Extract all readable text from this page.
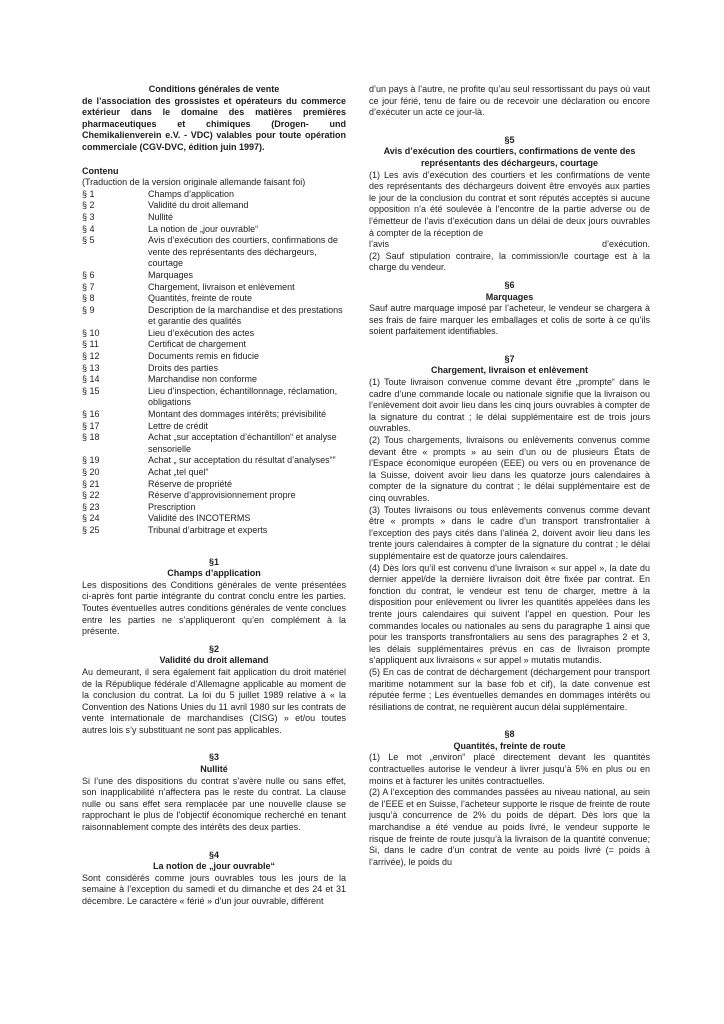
Conditions générales de vente
de l’association des grossistes et opérateurs du commerce extérieur dans le domaine des matières premières pharmaceutiques et chimiques (Drogen- und Chemikalienverein e.V. - VDC) valables pour toute opération commerciale (CGV-DVC, édition juin 1997).
Contenu
(Traduction de la version originale allemande faisant foi)
§ 1	Champs d’application
§ 2	Validité du droit allemand
§ 3	Nullité
§ 4	La notion de „jour ouvrable“
§ 5	Avis d’exécution des courtiers, confirmations de vente des représentants des déchargeurs, courtage
§ 6	Marquages
§ 7	Chargement, livraison et enlèvement
§ 8	Quantités, freinte de route
§ 9	Description de la marchandise et des prestations et garantie des qualités
§ 10	Lieu d’exécution des actes
§ 11	Certificat de chargement
§ 12	Documents remis en fiducie
§ 13	Droits des parties
§ 14	Marchandise non conforme
§ 15	Lieu d’inspection, échantillonnage, réclamation, obligations
§ 16	Montant des dommages intérêts; prévisibilité
§ 17	Lettre de crédit
§ 18	Achat „sur acceptation d’échantillon“ et analyse sensorielle
§ 19	Achat „ sur acceptation du résultat d’analyses“”
§ 20	Achat „tel quel“
§ 21	Réserve de propriété
§ 22	Réserve d’approvisionnement propre
§ 23	Prescription
§ 24	Validité des INCOTERMS
§ 25	Tribunal d’arbitrage et experts
§1
Champs d’application

Les dispositions des Conditions générales de vente présentées ci-après font partie intégrante du contrat conclu entre les parties. Toutes éventuelles autres conditions générales de vente conclues entre les parties ne s’appliqueront qu’en complément à la présente.

§2
Validité du droit allemand

Au demeurant, il sera également fait application du droit matériel de la République fédérale d’Allemagne applicable au moment de la conclusion du contrat. La loi du 5 juillet 1989 relative à « la Convention des Nations Unies du 11 avril 1980 sur les contrats de vente internationale de marchandises (CISG) » et/ou toutes autres lois s’y substituant ne sont pas applicables.

§3
Nullité

Si l’une des dispositions du contrat s’avère nulle ou sans effet, son inapplicabilité n’affectera pas le reste du contrat. La clause nulle ou sans effet sera remplacée par une nouvelle clause se rapprochant le plus de l’objectif économique recherché en tenant raisonnablement compte des intérêts des deux parties.

§4
La notion de „jour ouvrable“

Sont considérés comme jours ouvrables tous les jours de la semaine à l’exception du samedi et du dimanche et des 24 et 31 décembre. Le caractère « férié » d’un jour ouvrable, différent

d’un pays à l’autre, ne profite qu’au seul ressortissant du pays où vaut ce jour férié, tenu de faire ou de recevoir une déclaration ou encore d’exécuter un acte ce jour-là.

§5
Avis d’exécution des courtiers, confirmations de vente des représentants des déchargeurs, courtage

(1) Les avis d’exécution des courtiers et les confirmations de vente des représentants des déchargeurs doivent être envoyés aux parties le jour de la conclusion du contrat et sont réputés acceptés si aucune opposition n’a été soulevée à l’encontre de la partie adverse ou de l’émetteur de l’avis d’exécution dans un délai de deux jours ouvrables à compter de la réception de

l’avis	d’exécution.

(2) Sauf stipulation contraire, la commission/le courtage est à la charge du vendeur.

§6
Marquages

Sauf autre marquage imposé par l’acheteur, le vendeur se chargera à ses frais de faire marquer les emballages et colis de sorte à ce qu’ils soient parfaitement identifiables.

§7
Chargement, livraison et enlèvement

(1) Toute livraison convenue comme devant être „prompte“ dans le cadre d’une commande locale ou nationale signifie que la livraison ou l’enlèvement doit avoir lieu dans les cinq jours ouvrables à compter de la signature du contrat ; le délai supplémentaire est de trois jours ouvrables.

(2) Tous chargements, livraisons ou enlèvements convenus comme devant être « prompts » au sein d’un ou de plusieurs États de l’Espace économique européen (EEE) ou vers ou en provenance de la Suisse, doivent avoir lieu dans les quatorze jours calendaires à compter de la signature du contrat ; le délai supplémentaire est de cinq ouvrables.

(3) Toutes livraisons ou tous enlèvements convenus comme devant être « prompts » dans le cadre d’un transport transfrontalier à l’exception des pays cités dans l’alinéa 2, doivent avoir lieu dans les trente jours calendaires à compter de la signature du contrat ; le délai supplémentaire est de quatorze jours calendaires.

(4) Dès lors qu’il est convenu d’une livraison « sur appel », la date du dernier appel/de la dernière livraison doit être fixée par contrat. En fonction du contrat, le vendeur est tenu de charger, mettre à la disposition pour enlèvement ou livrer les quantités appelées dans les trente jours calendaires qui suivent l’appel en question. Pour les commandes locales ou nationales au sens du paragraphe 1 ainsi que pour les transports transfrontaliers au sens des paragraphes 2 et 3, les délais supplémentaires prévus en cas de livraison prompte s’appliquent aux livraisons « sur appel » mutatis mutandis.

(5) En cas de contrat de déchargement (déchargement pour transport maritime notamment sur la base fob et cif), la date convenue est réputée ferme ; Les éventuelles demandes en dommages intérêts ou résiliations de contrat, ne requièrent aucun délai supplémentaire.

§8
Quantités, freinte de route

(1) Le mot „environ“ placé directement devant les quantités contractuelles autorise le vendeur à livrer jusqu’à 5% en plus ou en moins et à facturer les unités contractuelles.

(2) A l’exception des commandes passées au niveau national, au sein de l’EEE et en Suisse, l’acheteur supporte le risque de freinte de route jusqu’à concurrence de 2% du poids de départ. Dès lors que la marchandise a été vendue au poids livré, le vendeur supporte le risque de freinte de route jusqu’à la livraison de la quantité convenue; Si, dans le cadre d’un contrat de vente au poids livré (= poids à l’arrivée), le poids du
